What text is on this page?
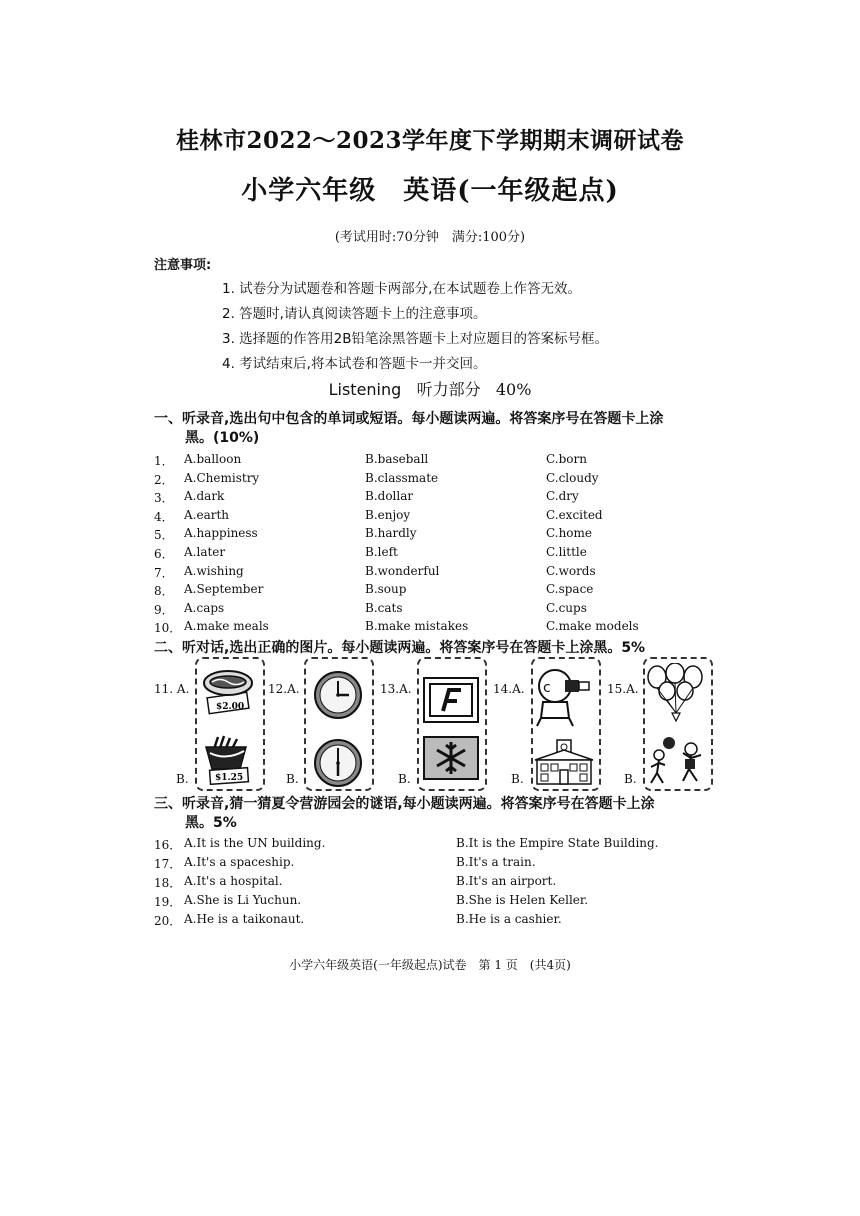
桂林市2022～2023学年度下学期期末调研试卷
小学六年级　英语(一年级起点)
(考试用时:70分钟　满分:100分)
注意事项:
1. 试卷分为试题卷和答题卡两部分,在本试题卷上作答无效。
2. 答题时,请认真阅读答题卡上的注意事项。
3. 选择题的作答用2B铅笔涂黑答题卡上对应题目的答案标号框。
4. 考试结束后,将本试卷和答题卡一并交回。
Listening 听力部分 40%
一、听录音,选出句中包含的单词或短语。每小题读两遍。将答案序号在答题卡上涂
黑。(10%)
1． A.balloon	B.baseball	C.born
2． A.Chemistry	B.classmate	C.cloudy
3． A.dark	B.dollar	C.dry
4． A.earth	B.enjoy	C.excited
5． A.happiness	B.hardly	C.home
6． A.later	B.left	C.little
7． A.wishing	B.wonderful	C.words
8． A.September	B.soup	C.space
9． A.caps	B.cats	C.cups
10． A.make meals	B.make mistakes	C.make models
二、听对话,选出正确的图片。每小题读两遍。将答案序号在答题卡上涂黑。5%
11. A.
$2.00
B.	$1.25
12.A.
B.
13.A.
B.
14.A. c
B.
15.A.
B.
三、听录音,猜一猜夏令营游园会的谜语,每小题读两遍。将答案序号在答题卡上涂
黑。5%
16． A.It is the UN building.	B.It is the Empire State Building.
17． A.It's a spaceship.	B.It's a train.
18． A.It's a hospital.	B.It's an airport.
19． A.She is Li Yuchun.	B.She is Helen Keller.
20． A.He is a taikonaut.	B.He is a cashier.
小学六年级英语(一年级起点)试卷　第 1 页　(共4页)
